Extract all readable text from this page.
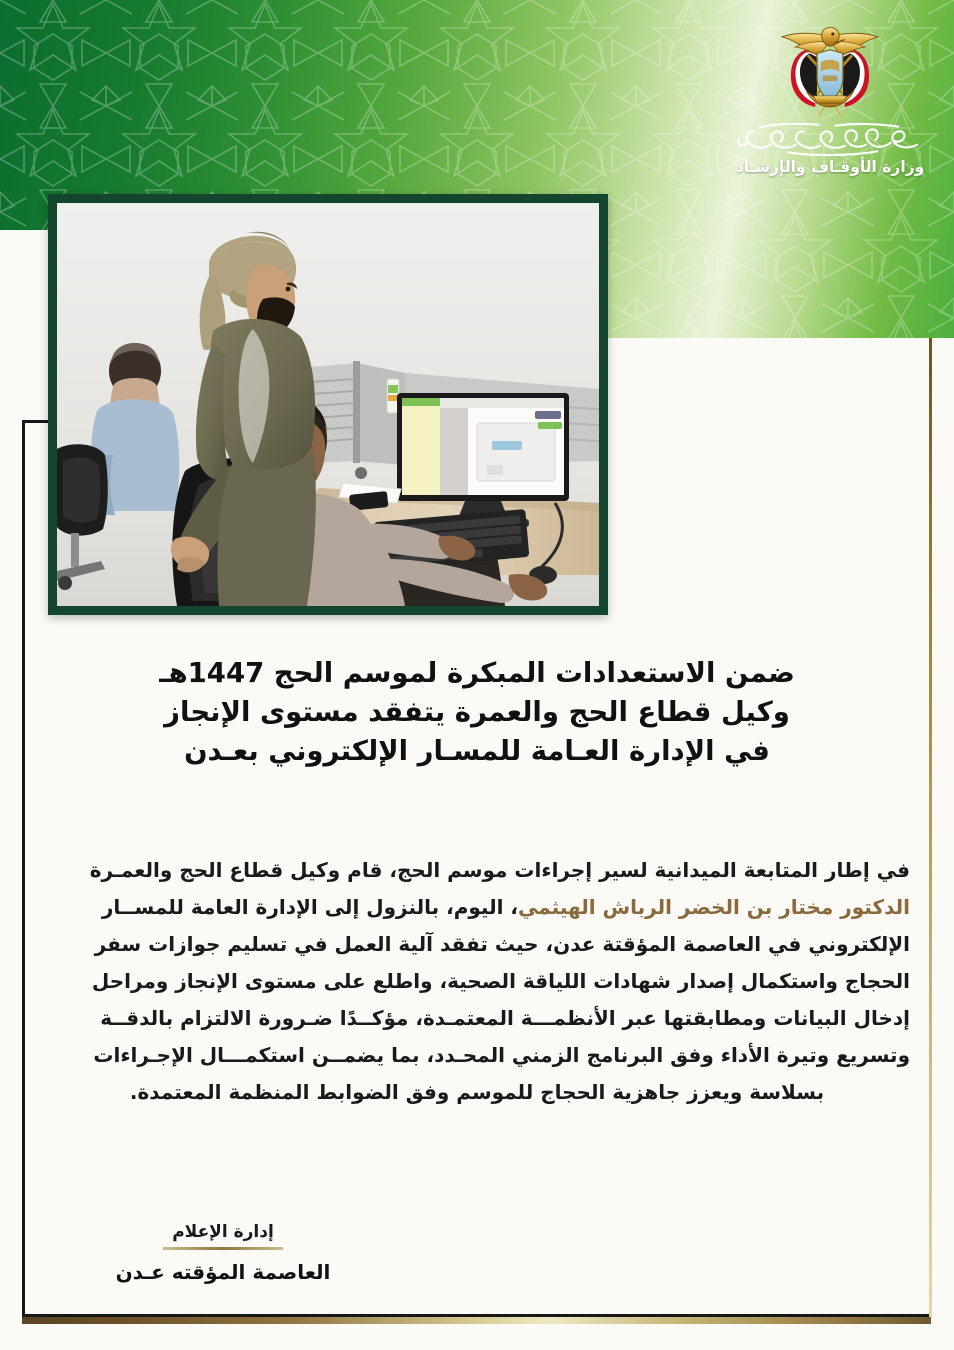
وزارة الأوقـاف والإرشـاد
ضمن الاستعدادات المبكرة لموسم الحج 1447هـ
وكيل قطاع الحج والعمرة يتفقد مستوى الإنجاز
في الإدارة العـامة للمسـار الإلكتروني بعـدن
في إطار المتابعة الميدانية لسير إجراءات موسم الحج، قام وكيل قطاع الحج والعمـرة
الدكتور مختار بن الخضر الرباش الهيثمي، اليوم، بالنزول إلى الإدارة العامة للمســار
الإلكتروني في العاصمة المؤقتة عدن، حيث تفقد آلية العمل في تسليم جوازات سفر
الحجاج واستكمال إصدار شهادات اللياقة الصحية، واطلع على مستوى الإنجاز ومراحل
إدخال البيانات ومطابقتها عبر الأنظمـــة المعتمـدة، مؤكــدًا ضـرورة الالتزام بالدقــة
وتسريع وتيرة الأداء وفق البرنامج الزمني المحـدد، بما يضمــن استكمـــال الإجـراءات
بسلاسة ويعزز جاهزية الحجاج للموسم وفق الضوابط المنظمة المعتمدة.
إدارة الإعلام
العاصمة المؤقته عـدن
